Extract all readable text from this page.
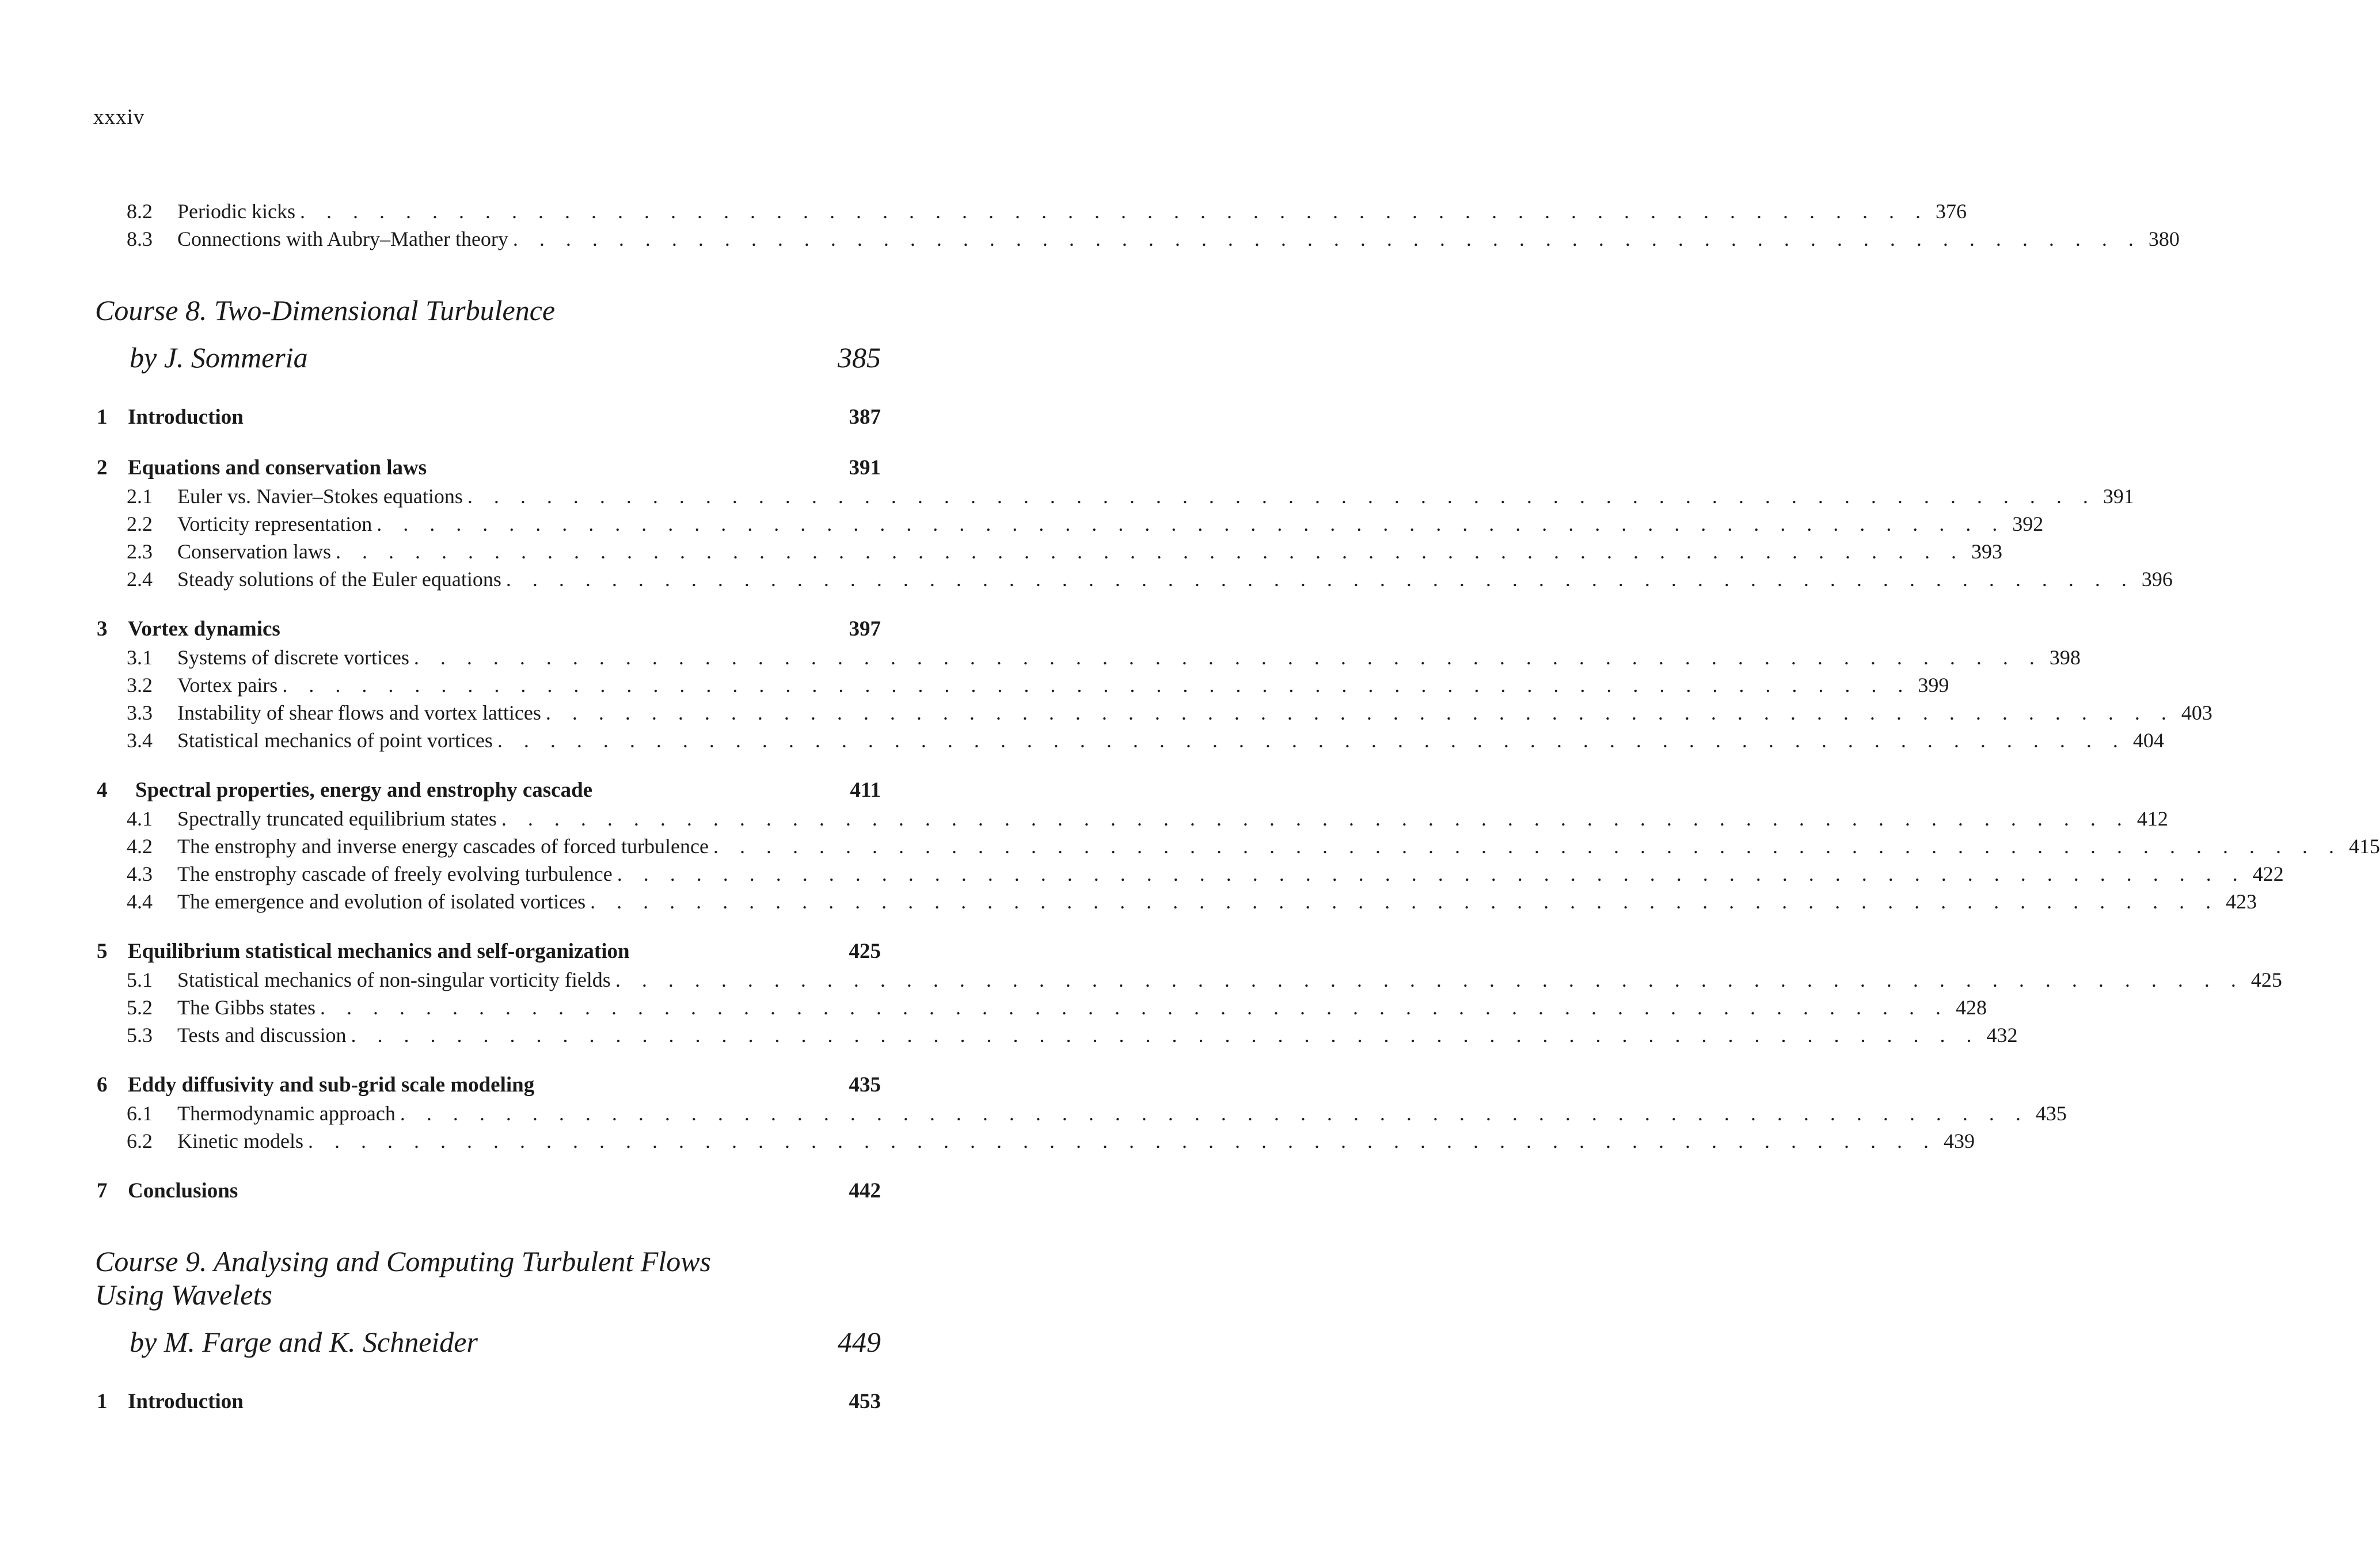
xxxiv
8.2	Periodic kicks . . . . . . . . . . . . . . . . . . . . . . . . . . . . . . . . . . . . . . . . . . . . . . . . . . . . . . . . . . . . . . 376
8.3	Connections with Aubry–Mather theory . . . . . . . . . . . . . . . . . . . . . . . . . . . . . . . . . . . . . . . . . . . . . . . . . . . . . . . . . . . . . . 380
Course 8. Two-Dimensional Turbulence
by J. Sommeria	385
1 Introduction	387
2 Equations and conservation laws	391
2.1	Euler vs. Navier–Stokes equations . . . . . . . . . . . . . . . . . . . . . . . . . . . . . . . . . . . . . . . . . . . . . . . . . . . . . . . . . . . . . . 391
2.2	Vorticity representation . . . . . . . . . . . . . . . . . . . . . . . . . . . . . . . . . . . . . . . . . . . . . . . . . . . . . . . . . . . . . . 392
2.3	Conservation laws . . . . . . . . . . . . . . . . . . . . . . . . . . . . . . . . . . . . . . . . . . . . . . . . . . . . . . . . . . . . . . 393
2.4	Steady solutions of the Euler equations . . . . . . . . . . . . . . . . . . . . . . . . . . . . . . . . . . . . . . . . . . . . . . . . . . . . . . . . . . . . . . 396
3 Vortex dynamics	397
3.1	Systems of discrete vortices . . . . . . . . . . . . . . . . . . . . . . . . . . . . . . . . . . . . . . . . . . . . . . . . . . . . . . . . . . . . . . 398
3.2	Vortex pairs . . . . . . . . . . . . . . . . . . . . . . . . . . . . . . . . . . . . . . . . . . . . . . . . . . . . . . . . . . . . . . 399
3.3	Instability of shear flows and vortex lattices . . . . . . . . . . . . . . . . . . . . . . . . . . . . . . . . . . . . . . . . . . . . . . . . . . . . . . . . . . . . . . 403
3.4	Statistical mechanics of point vortices . . . . . . . . . . . . . . . . . . . . . . . . . . . . . . . . . . . . . . . . . . . . . . . . . . . . . . . . . . . . . . 404
4 Spectral properties, energy and enstrophy cascade	411
4.1	Spectrally truncated equilibrium states . . . . . . . . . . . . . . . . . . . . . . . . . . . . . . . . . . . . . . . . . . . . . . . . . . . . . . . . . . . . . . 412
4.2	The enstrophy and inverse energy cascades of forced turbulence . . . . . . . . . . . . . . . . . . . . . . . . . . . . . . . . . . . . . . . . . . . . . . . . . . . . . . . . . . . . . . 415
4.3	The enstrophy cascade of freely evolving turbulence . . . . . . . . . . . . . . . . . . . . . . . . . . . . . . . . . . . . . . . . . . . . . . . . . . . . . . . . . . . . . . 422
4.4	The emergence and evolution of isolated vortices . . . . . . . . . . . . . . . . . . . . . . . . . . . . . . . . . . . . . . . . . . . . . . . . . . . . . . . . . . . . . . 423
5 Equilibrium statistical mechanics and self-organization	425
5.1	Statistical mechanics of non-singular vorticity fields . . . . . . . . . . . . . . . . . . . . . . . . . . . . . . . . . . . . . . . . . . . . . . . . . . . . . . . . . . . . . . 425
5.2	The Gibbs states . . . . . . . . . . . . . . . . . . . . . . . . . . . . . . . . . . . . . . . . . . . . . . . . . . . . . . . . . . . . . . 428
5.3	Tests and discussion . . . . . . . . . . . . . . . . . . . . . . . . . . . . . . . . . . . . . . . . . . . . . . . . . . . . . . . . . . . . . . 432
6 Eddy diffusivity and sub-grid scale modeling	435
6.1	Thermodynamic approach . . . . . . . . . . . . . . . . . . . . . . . . . . . . . . . . . . . . . . . . . . . . . . . . . . . . . . . . . . . . . . 435
6.2	Kinetic models . . . . . . . . . . . . . . . . . . . . . . . . . . . . . . . . . . . . . . . . . . . . . . . . . . . . . . . . . . . . . . 439
7 Conclusions	442
Course 9. Analysing and Computing Turbulent Flows
Using Wavelets
by M. Farge and K. Schneider	449
1 Introduction	453
